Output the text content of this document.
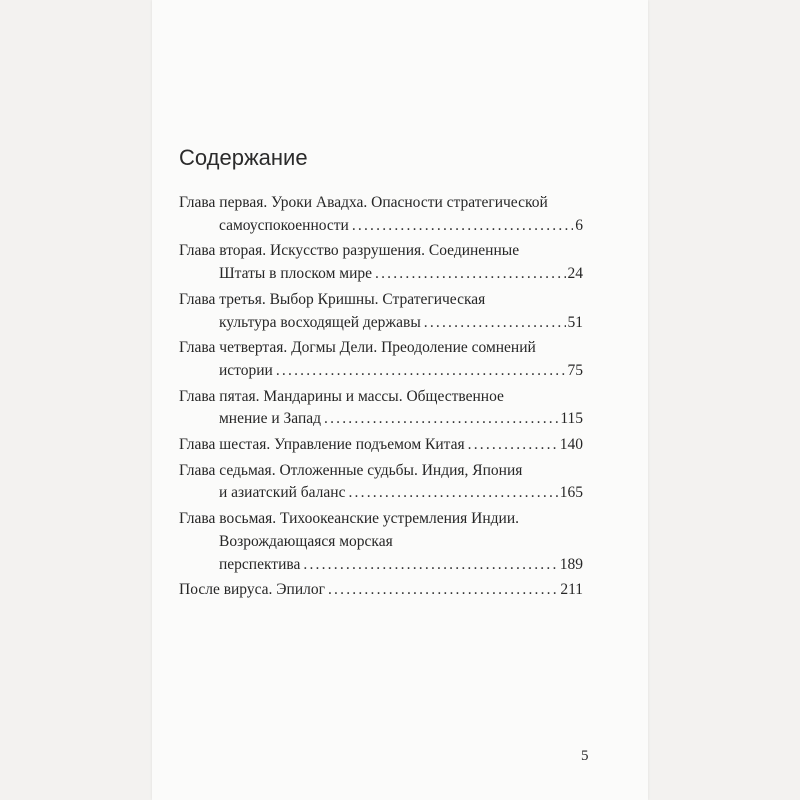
Содержание
Глава первая. Уроки Авадха. Опасности стратегической
самоуспокоенности .....	6
Глава вторая. Искусство разрушения. Соединенные
Штаты в плоском мире .....	24
Глава третья. Выбор Кришны. Стратегическая
культура восходящей державы .....	51
Глава четвертая. Догмы Дели. Преодоление сомнений
истории .....	75
Глава пятая. Мандарины и массы. Общественное
мнение и Запад .....	115
Глава шестая. Управление подъемом Китая .....	140
Глава седьмая. Отложенные судьбы. Индия, Япония
и азиатский баланс .....	165
Глава восьмая. Тихоокеанские устремления Индии.
Возрождающаяся морская
перспектива .....	189
После вируса. Эпилог .....	211
5
